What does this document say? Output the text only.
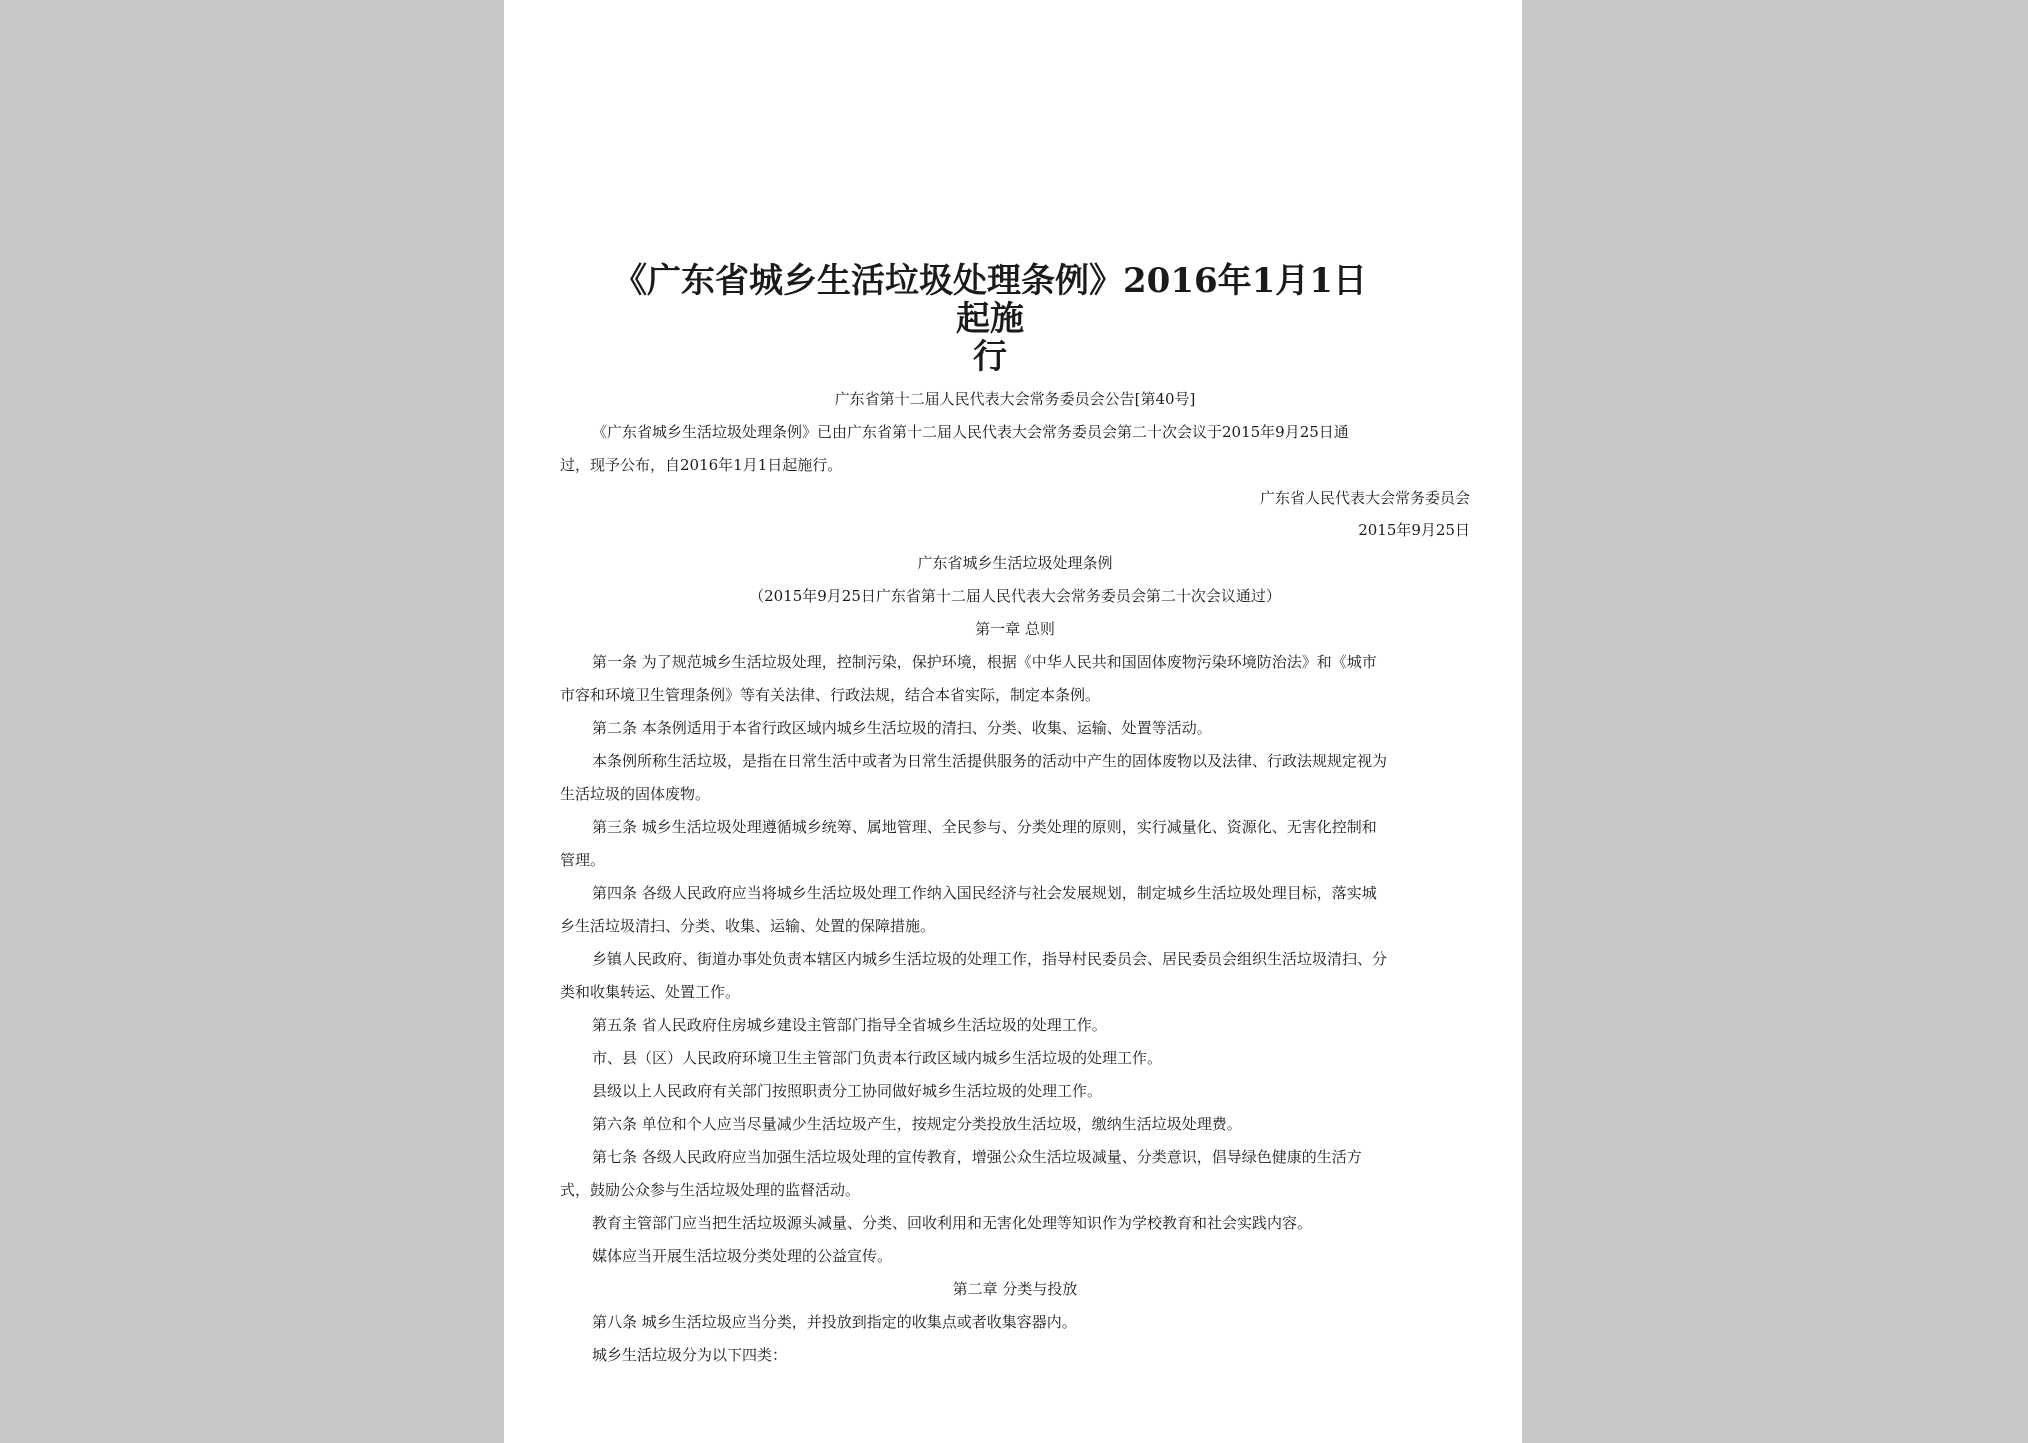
《广东省城乡生活垃圾处理条例》2016年1月1日起施
行
广东省第十二届人民代表大会常务委员会公告[第40号]
《广东省城乡生活垃圾处理条例》已由广东省第十二届人民代表大会常务委员会第二十次会议于2015年9月25日通
过，现予公布，自2016年1月1日起施行。
广东省人民代表大会常务委员会
2015年9月25日
广东省城乡生活垃圾处理条例
（2015年9月25日广东省第十二届人民代表大会常务委员会第二十次会议通过）
第一章 总则
第一条 为了规范城乡生活垃圾处理，控制污染，保护环境，根据《中华人民共和国固体废物污染环境防治法》和《城市
市容和环境卫生管理条例》等有关法律、行政法规，结合本省实际，制定本条例。
第二条 本条例适用于本省行政区域内城乡生活垃圾的清扫、分类、收集、运输、处置等活动。
本条例所称生活垃圾，是指在日常生活中或者为日常生活提供服务的活动中产生的固体废物以及法律、行政法规规定视为
生活垃圾的固体废物。
第三条 城乡生活垃圾处理遵循城乡统筹、属地管理、全民参与、分类处理的原则，实行减量化、资源化、无害化控制和
管理。
第四条 各级人民政府应当将城乡生活垃圾处理工作纳入国民经济与社会发展规划，制定城乡生活垃圾处理目标，落实城
乡生活垃圾清扫、分类、收集、运输、处置的保障措施。
乡镇人民政府、街道办事处负责本辖区内城乡生活垃圾的处理工作，指导村民委员会、居民委员会组织生活垃圾清扫、分
类和收集转运、处置工作。
第五条 省人民政府住房城乡建设主管部门指导全省城乡生活垃圾的处理工作。
市、县（区）人民政府环境卫生主管部门负责本行政区域内城乡生活垃圾的处理工作。
县级以上人民政府有关部门按照职责分工协同做好城乡生活垃圾的处理工作。
第六条 单位和个人应当尽量减少生活垃圾产生，按规定分类投放生活垃圾，缴纳生活垃圾处理费。
第七条 各级人民政府应当加强生活垃圾处理的宣传教育，增强公众生活垃圾减量、分类意识，倡导绿色健康的生活方
式，鼓励公众参与生活垃圾处理的监督活动。
教育主管部门应当把生活垃圾源头减量、分类、回收利用和无害化处理等知识作为学校教育和社会实践内容。
媒体应当开展生活垃圾分类处理的公益宣传。
第二章 分类与投放
第八条 城乡生活垃圾应当分类，并投放到指定的收集点或者收集容器内。
城乡生活垃圾分为以下四类：
